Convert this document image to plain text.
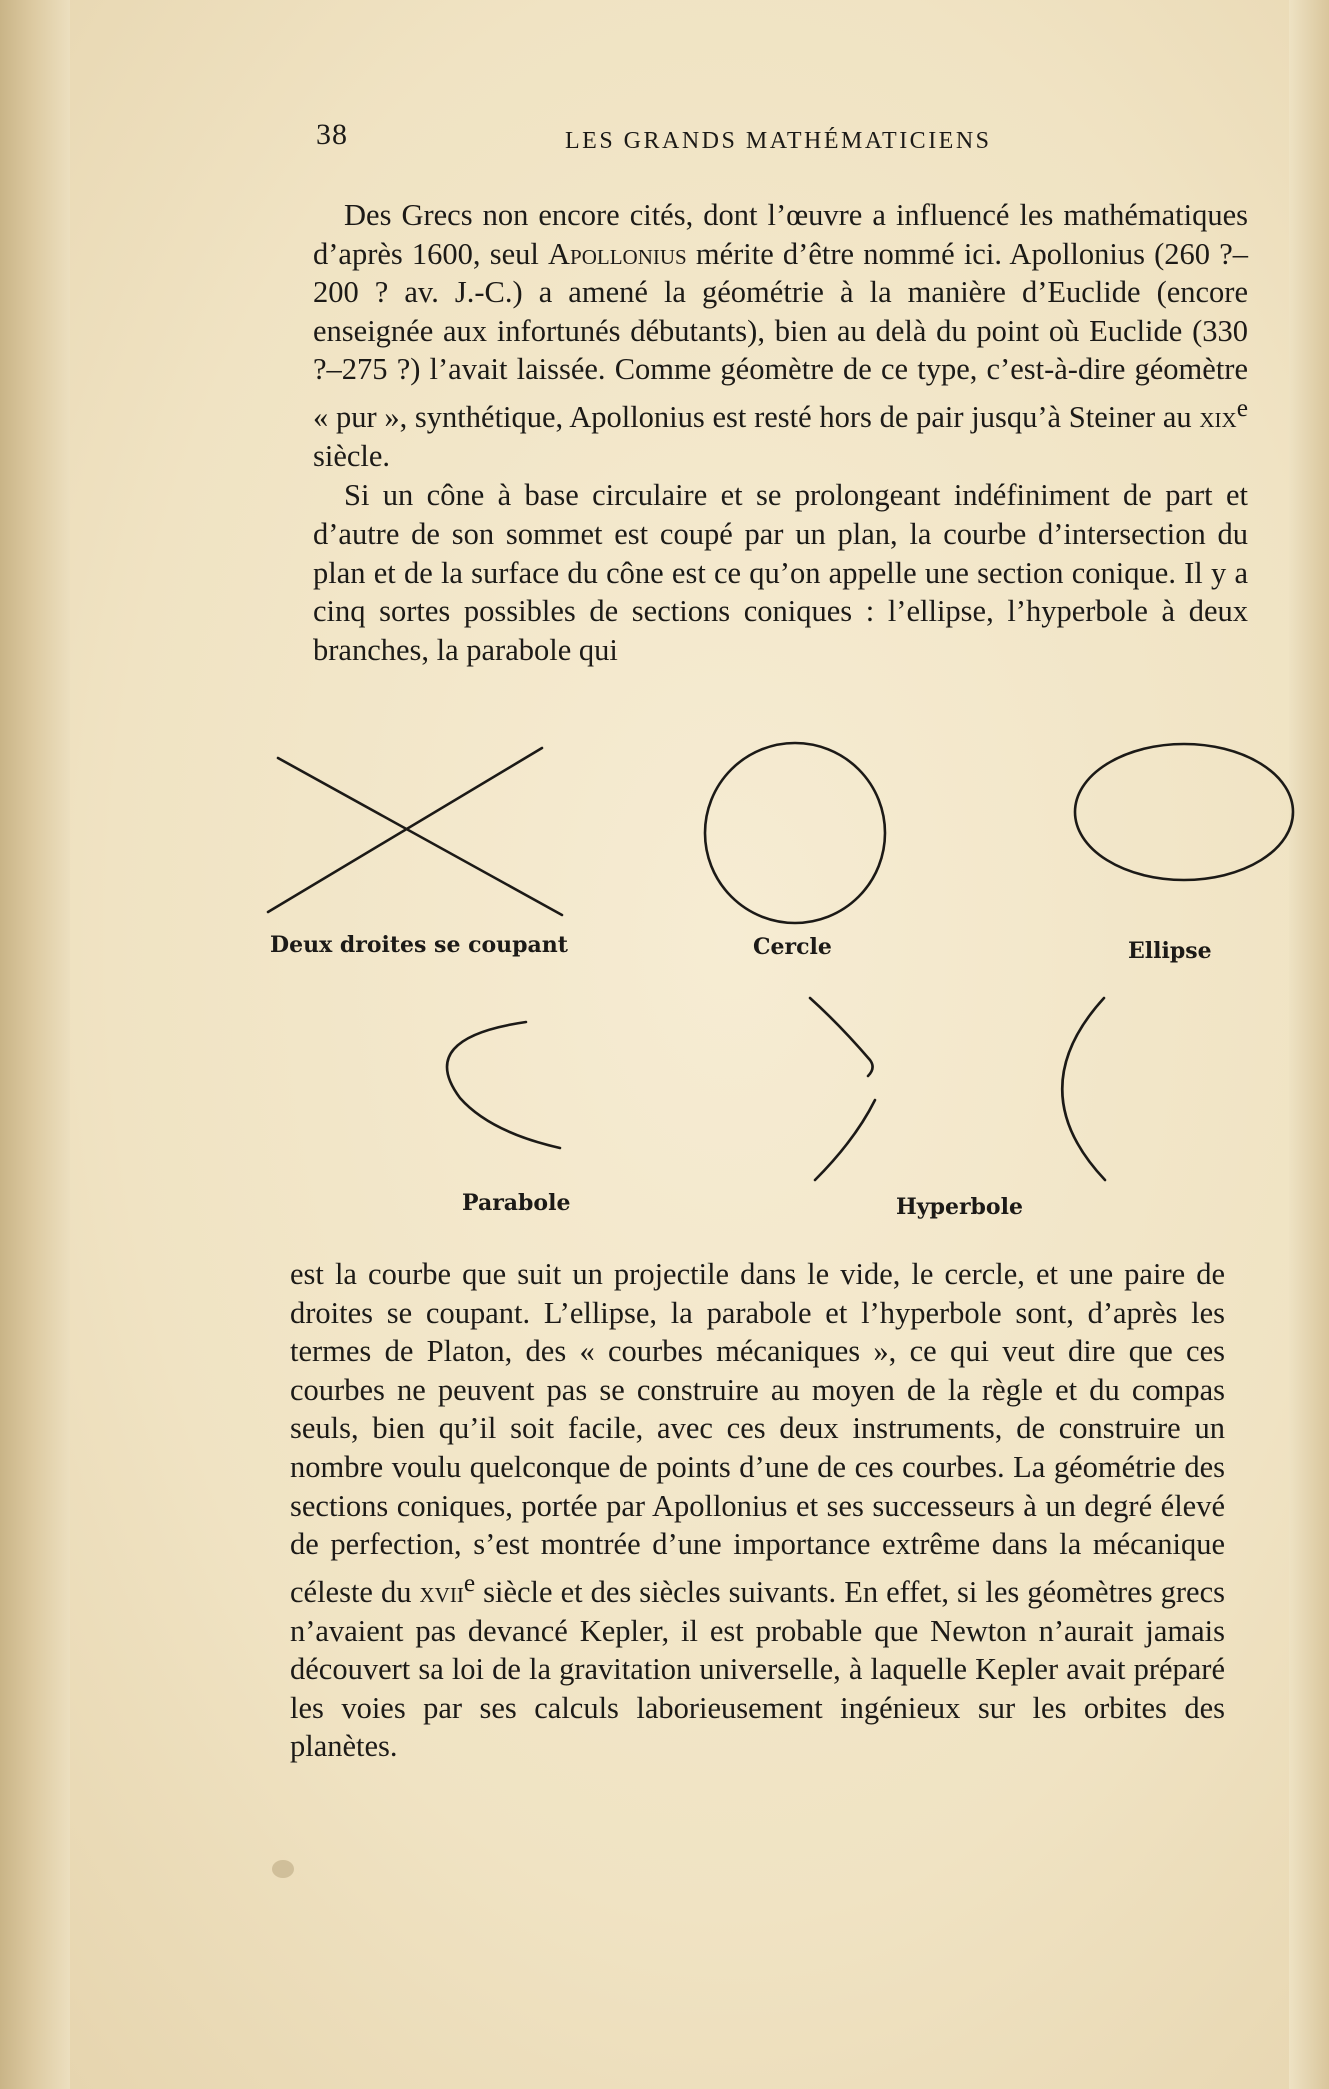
38	LES GRANDS MATHÉMATICIENS

Des Grecs non encore cités, dont l’œuvre a influencé les mathématiques d’après 1600, seul Apollonius mérite d’être nommé ici. Apollonius (260 ?–200 ? av. J.-C.) a amené la géométrie à la manière d’Euclide (encore enseignée aux infortunés débutants), bien au delà du point où Euclide (330 ?–275 ?) l’avait laissée. Comme géomètre de ce type, c’est-à-dire géomètre « pur », synthétique, Apollonius est resté hors de pair jusqu’à Steiner au xix$^e$ siècle.

Si un cône à base circulaire et se prolongeant indéfiniment de part et d’autre de son sommet est coupé par un plan, la courbe d’intersection du plan et de la surface du cône est ce qu’on appelle une section conique. Il y a cinq sortes possibles de sections coniques : l’ellipse, l’hyperbole à deux branches, la parabole qui

Deux droites se coupant	Cercle	Ellipse
Parabole	Hyperbole

est la courbe que suit un projectile dans le vide, le cercle, et une paire de droites se coupant. L’ellipse, la parabole et l’hyperbole sont, d’après les termes de Platon, des « courbes mécaniques », ce qui veut dire que ces courbes ne peuvent pas se construire au moyen de la règle et du compas seuls, bien qu’il soit facile, avec ces deux instruments, de construire un nombre voulu quelconque de points d’une de ces courbes. La géométrie des sections coniques, portée par Apollonius et ses successeurs à un degré élevé de perfection, s’est montrée d’une importance extrême dans la mécanique céleste du xvii$^e$ siècle et des siècles suivants. En effet, si les géomètres grecs n’avaient pas devancé Kepler, il est probable que Newton n’aurait jamais découvert sa loi de la gravitation universelle, à laquelle Kepler avait préparé les voies par ses calculs laborieusement ingénieux sur les orbites des planètes.
